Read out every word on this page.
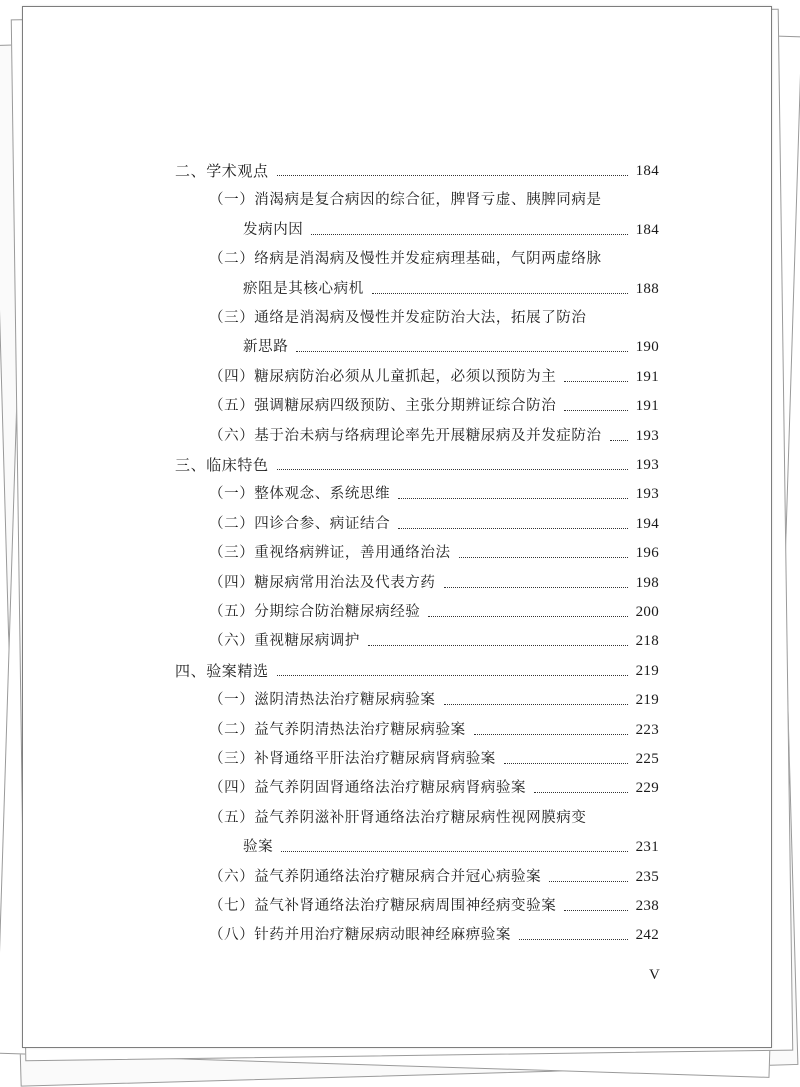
二、学术观点	184
（一）消渴病是复合病因的综合征，脾肾亏虚、胰脾同病是
发病内因	184
（二）络病是消渴病及慢性并发症病理基础，气阴两虚络脉
瘀阻是其核心病机	188
（三）通络是消渴病及慢性并发症防治大法，拓展了防治
新思路	190
（四）糖尿病防治必须从儿童抓起，必须以预防为主	191
（五）强调糖尿病四级预防、主张分期辨证综合防治	191
（六）基于治未病与络病理论率先开展糖尿病及并发症防治 193
三、临床特色	193
（一）整体观念、系统思维	193
（二）四诊合参、病证结合	194
（三）重视络病辨证，善用通络治法	196
（四）糖尿病常用治法及代表方药	198
（五）分期综合防治糖尿病经验	200
（六）重视糖尿病调护	218
四、验案精选	219
（一）滋阴清热法治疗糖尿病验案	219
（二）益气养阴清热法治疗糖尿病验案	223
（三）补肾通络平肝法治疗糖尿病肾病验案	225
（四）益气养阴固肾通络法治疗糖尿病肾病验案	229
（五）益气养阴滋补肝肾通络法治疗糖尿病性视网膜病变
验案	231
（六）益气养阴通络法治疗糖尿病合并冠心病验案	235
（七）益气补肾通络法治疗糖尿病周围神经病变验案	238
（八）针药并用治疗糖尿病动眼神经麻痹验案	242
V
